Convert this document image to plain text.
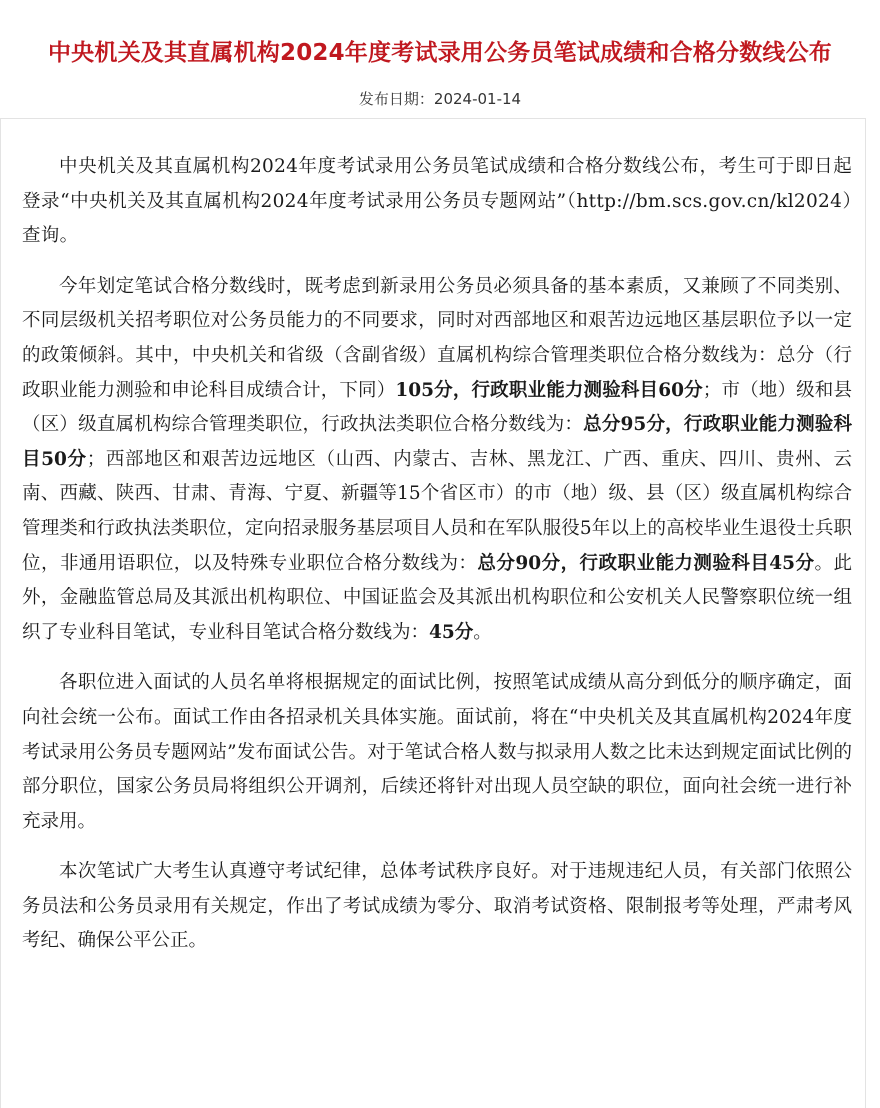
中央机关及其直属机构2024年度考试录用公务员笔试成绩和合格分数线公布
发布日期：2024-01-14

中央机关及其直属机构2024年度考试录用公务员笔试成绩和合格分数线公布，考生可于即日起登录“中央机关及其直属机构2024年度考试录用公务员专题网站”（http://bm.scs.gov.cn/kl2024）查询。

今年划定笔试合格分数线时，既考虑到新录用公务员必须具备的基本素质，又兼顾了不同类别、不同层级机关招考职位对公务员能力的不同要求，同时对西部地区和艰苦边远地区基层职位予以一定的政策倾斜。其中，中央机关和省级（含副省级）直属机构综合管理类职位合格分数线为：总分（行政职业能力测验和申论科目成绩合计，下同）105分，行政职业能力测验科目60分；市（地）级和县（区）级直属机构综合管理类职位，行政执法类职位合格分数线为：总分95分，行政职业能力测验科目50分；西部地区和艰苦边远地区（山西、内蒙古、吉林、黑龙江、广西、重庆、四川、贵州、云南、西藏、陕西、甘肃、青海、宁夏、新疆等15个省区市）的市（地）级、县（区）级直属机构综合管理类和行政执法类职位，定向招录服务基层项目人员和在军队服役5年以上的高校毕业生退役士兵职位，非通用语职位，以及特殊专业职位合格分数线为：总分90分，行政职业能力测验科目45分。此外，金融监管总局及其派出机构职位、中国证监会及其派出机构职位和公安机关人民警察职位统一组织了专业科目笔试，专业科目笔试合格分数线为：45分。

各职位进入面试的人员名单将根据规定的面试比例，按照笔试成绩从高分到低分的顺序确定，面向社会统一公布。面试工作由各招录机关具体实施。面试前，将在“中央机关及其直属机构2024年度考试录用公务员专题网站”发布面试公告。对于笔试合格人数与拟录用人数之比未达到规定面试比例的部分职位，国家公务员局将组织公开调剂，后续还将针对出现人员空缺的职位，面向社会统一进行补充录用。

本次笔试广大考生认真遵守考试纪律，总体考试秩序良好。对于违规违纪人员，有关部门依照公务员法和公务员录用有关规定，作出了考试成绩为零分、取消考试资格、限制报考等处理，严肃考风考纪、确保公平公正。
